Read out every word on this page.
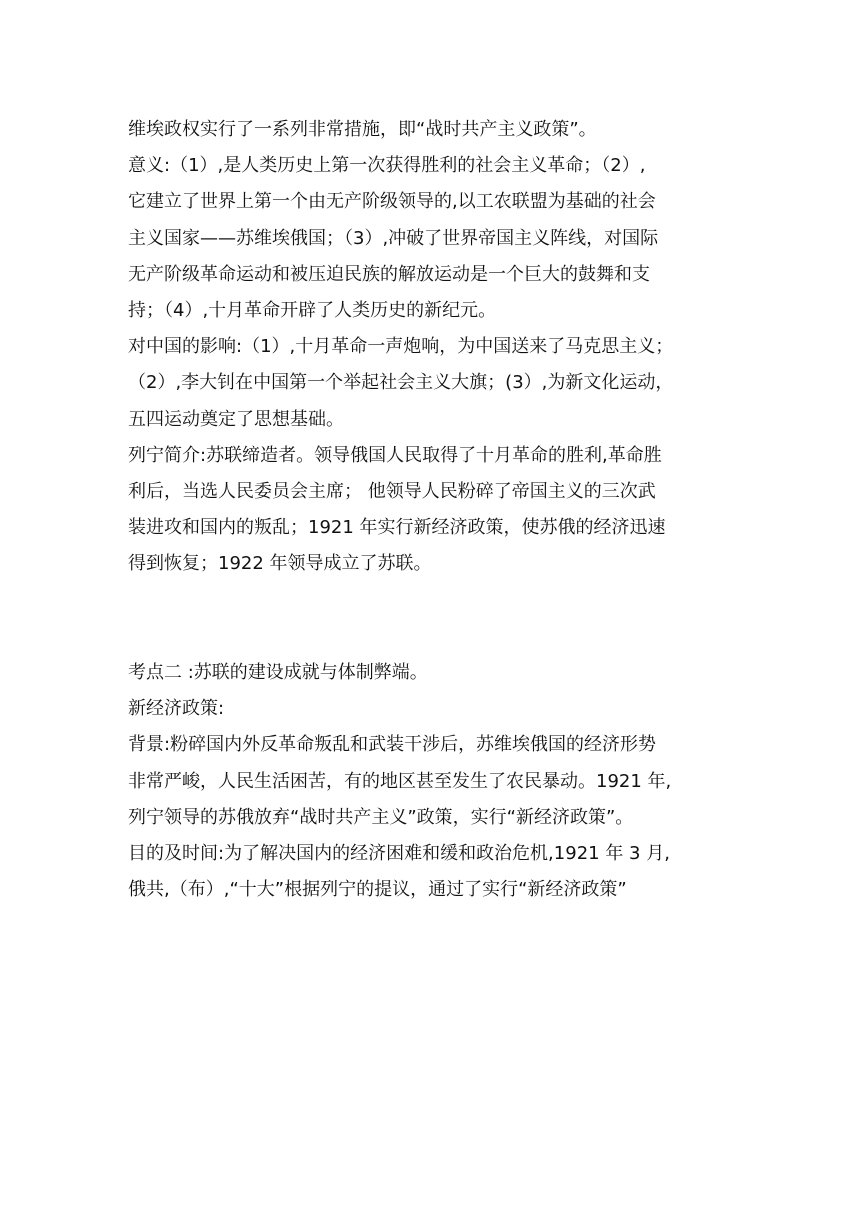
维埃政权实行了一系列非常措施，即“战时共产主义政策”。

意义:（1）,是人类历史上第一次获得胜利的社会主义革命；（2）,
它建立了世界上第一个由无产阶级领导的,以工农联盟为基础的社会
主义国家——苏维埃俄国；（3）,冲破了世界帝国主义阵线，对国际
无产阶级革命运动和被压迫民族的解放运动是一个巨大的鼓舞和支
持；（4）,十月革命开辟了人类历史的新纪元。

对中国的影响:（1）,十月革命一声炮响，为中国送来了马克思主义；
（2）,李大钊在中国第一个举起社会主义大旗；(3）,为新文化运动，
五四运动奠定了思想基础。

列宁简介:苏联缔造者。领导俄国人民取得了十月革命的胜利,革命胜
利后，当选人民委员会主席； 他领导人民粉碎了帝国主义的三次武
装进攻和国内的叛乱；1921 年实行新经济政策，使苏俄的经济迅速
得到恢复；1922 年领导成立了苏联。

考点二 :苏联的建设成就与体制弊端。

新经济政策:

背景:粉碎国内外反革命叛乱和武装干涉后，苏维埃俄国的经济形势
非常严峻，人民生活困苦，有的地区甚至发生了农民暴动。1921 年,
列宁领导的苏俄放弃“战时共产主义”政策，实行“新经济政策”。

目的及时间:为了解决国内的经济困难和缓和政治危机,1921 年 3 月,
俄共,（布）,“十大”根据列宁的提议，通过了实行“新经济政策”
